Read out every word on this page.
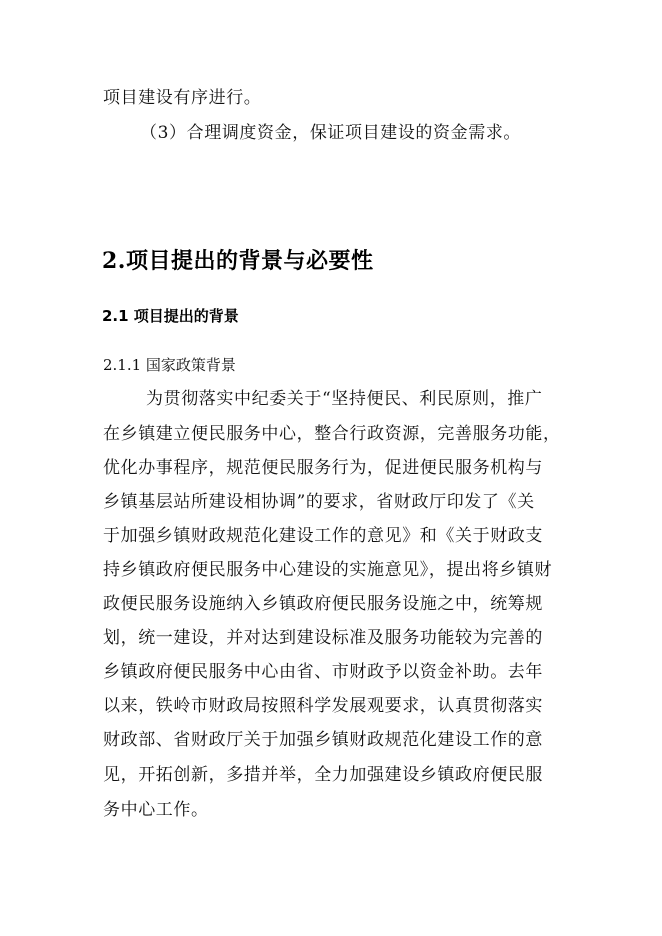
项目建设有序进行。
（3）合理调度资金，保证项目建设的资金需求。
2.项目提出的背景与必要性
2.1 项目提出的背景
2.1.1 国家政策背景
为贯彻落实中纪委关于“坚持便民、利民原则，推广
在乡镇建立便民服务中心，整合行政资源，完善服务功能，
优化办事程序，规范便民服务行为，促进便民服务机构与
乡镇基层站所建设相协调”的要求，省财政厅印发了《关
于加强乡镇财政规范化建设工作的意见》和《关于财政支
持乡镇政府便民服务中心建设的实施意见》，提出将乡镇财
政便民服务设施纳入乡镇政府便民服务设施之中，统筹规
划，统一建设，并对达到建设标准及服务功能较为完善的
乡镇政府便民服务中心由省、市财政予以资金补助。去年
以来，铁岭市财政局按照科学发展观要求，认真贯彻落实
财政部、省财政厅关于加强乡镇财政规范化建设工作的意
见，开拓创新，多措并举，全力加强建设乡镇政府便民服
务中心工作。
